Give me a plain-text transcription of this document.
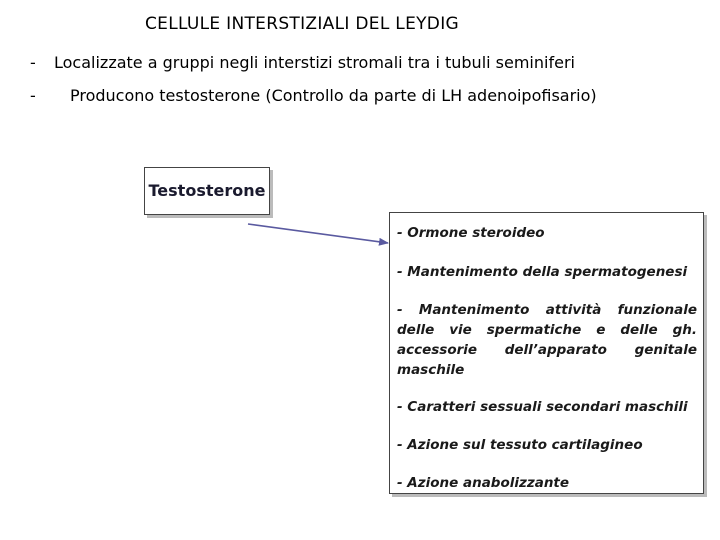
CELLULE INTERSTIZIALI DEL LEYDIG
- Localizzate a gruppi negli interstizi stromali tra i tubuli seminiferi
- Producono testosterone (Controllo da parte di LH adenoipofisario)
Testosterone
- Ormone steroideo
- Mantenimento della spermatogenesi
- Mantenimento attività funzionale delle vie spermatiche e delle gh. accessorie dell’apparato genitale maschile
- Caratteri sessuali secondari maschili
- Azione sul tessuto cartilagineo
- Azione anabolizzante
